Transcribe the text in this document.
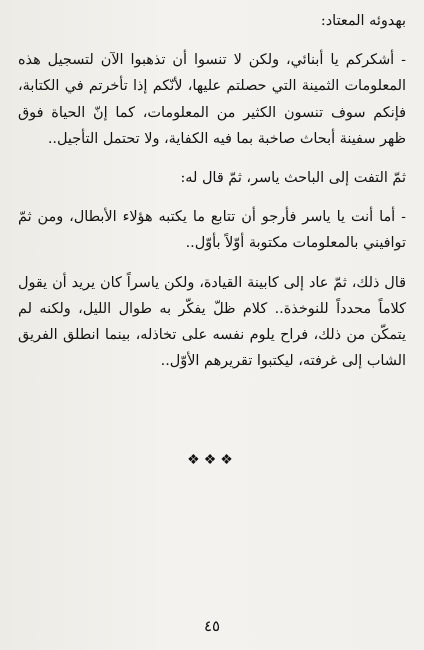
بهدوئه المعتاد:

- أشكركم يا أبنائي، ولكن لا تنسوا أن تذهبوا الآن لتسجيل هذه المعلومات الثمينة التي حصلتم عليها، لأنّكم إذا تأخرتم في الكتابة، فإنكم سوف تنسون الكثير من المعلومات، كما إنّ الحياة فوق ظهر سفينة أبحاث صاخبة بما فيه الكفاية، ولا تحتمل التأجيل..

ثمّ التفت إلى الباحث ياسر، ثمّ قال له:

- أما أنت يا ياسر فأرجو أن تتابع ما يكتبه هؤلاء الأبطال، ومن ثمّ توافيني بالمعلومات مكتوبة أوّلاً بأوّل..

قال ذلك، ثمّ عاد إلى كابينة القيادة، ولكن ياسراً كان يريد أن يقول كلاماً محدداً للنوخذة.. كلام ظلّ يفكّر به طوال الليل، ولكنه لم يتمكّن من ذلك، فراح يلوم نفسه على تخاذله، بينما انطلق الفريق الشاب إلى غرفته، ليكتبوا تقريرهم الأوّل..

❖❖❖
٤٥
